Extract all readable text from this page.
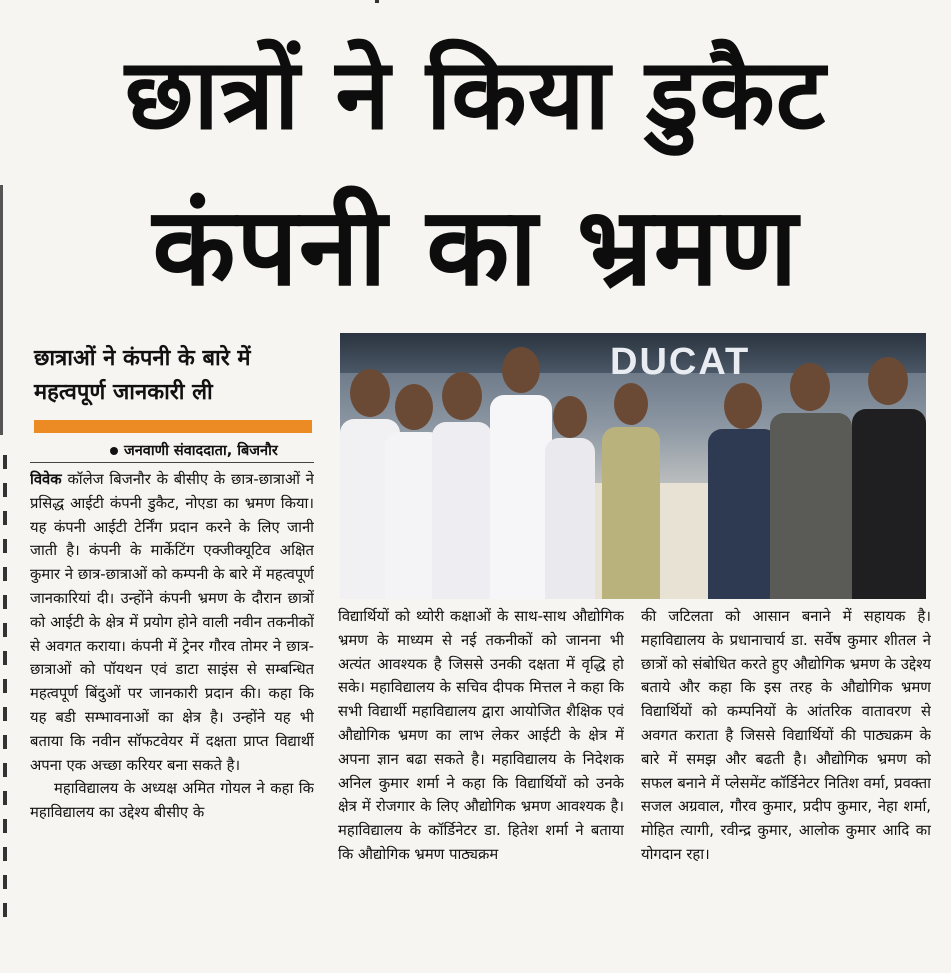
छात्रों ने किया डुकैट
कंपनी का भ्रमण
छात्राओं ने कंपनी के बारे में महत्वपूर्ण जानकारी ली
जनवाणी संवाददाता, बिजनौर
DUCAT

विवेक कॉलेज बिजनौर के बीसीए के छात्र-छात्राओं ने प्रसिद्ध आईटी कंपनी डुकैट, नोएडा का भ्रमण किया। यह कंपनी आईटी टेर्निंग प्रदान करने के लिए जानी जाती है। कंपनी के मार्केटिंग एक्जीक्यूटिव अक्षित कुमार ने छात्र-छात्राओं को कम्पनी के बारे में महत्वपूर्ण जानकारियां दी। उन्होंने कंपनी भ्रमण के दौरान छात्रों को आईटी के क्षेत्र में प्रयोग होने वाली नवीन तकनीकों से अवगत कराया। कंपनी में ट्रेनर गौरव तोमर ने छात्र-छात्राओं को पॉयथन एवं डाटा साइंस से सम्बन्धित महत्वपूर्ण बिंदुओं पर जानकारी प्रदान की। कहा कि यह बडी सम्भावनाओं का क्षेत्र है। उन्होंने यह भी बताया कि नवीन सॉफटवेयर में दक्षता प्राप्त विद्यार्थी अपना एक अच्छा करियर बना सकते है।

महाविद्यालय के अध्यक्ष अमित गोयल ने कहा कि महाविद्यालय का उद्देश्य बीसीए के

विद्यार्थियों को थ्योरी कक्षाओं के साथ-साथ औद्योगिक भ्रमण के माध्यम से नई तकनीकों को जानना भी अत्यंत आवश्यक है जिससे उनकी दक्षता में वृद्धि हो सके। महाविद्यालय के सचिव दीपक मित्तल ने कहा कि सभी विद्यार्थी महाविद्यालय द्वारा आयोजित शैक्षिक एवं औद्योगिक भ्रमण का लाभ लेकर आईटी के क्षेत्र में अपना ज्ञान बढा सकते है। महाविद्यालय के निदेशक अनिल कुमार शर्मा ने कहा कि विद्यार्थियों को उनके क्षेत्र में रोजगार के लिए औद्योगिक भ्रमण आवश्यक है। महाविद्यालय के कॉर्डिनेटर डा. हितेश शर्मा ने बताया कि औद्योगिक भ्रमण पाठ्यक्रम

की जटिलता को आसान बनाने में सहायक है। महाविद्यालय के प्रधानाचार्य डा. सर्वेष कुमार शीतल ने छात्रों को संबोधित करते हुए औद्योगिक भ्रमण के उद्देश्य बताये और कहा कि इस तरह के औद्योगिक भ्रमण विद्यार्थियों को कम्पनियों के आंतरिक वातावरण से अवगत कराता है जिससे विद्यार्थियों की पाठ्यक्रम के बारे में समझ और बढती है। औद्योगिक भ्रमण को सफल बनाने में प्लेसमेंट कॉर्डिनेटर नितिश वर्मा, प्रवक्ता सजल अग्रवाल, गौरव कुमार, प्रदीप कुमार, नेहा शर्मा, मोहित त्यागी, रवीन्द्र कुमार, आलोक कुमार आदि का योगदान रहा।
